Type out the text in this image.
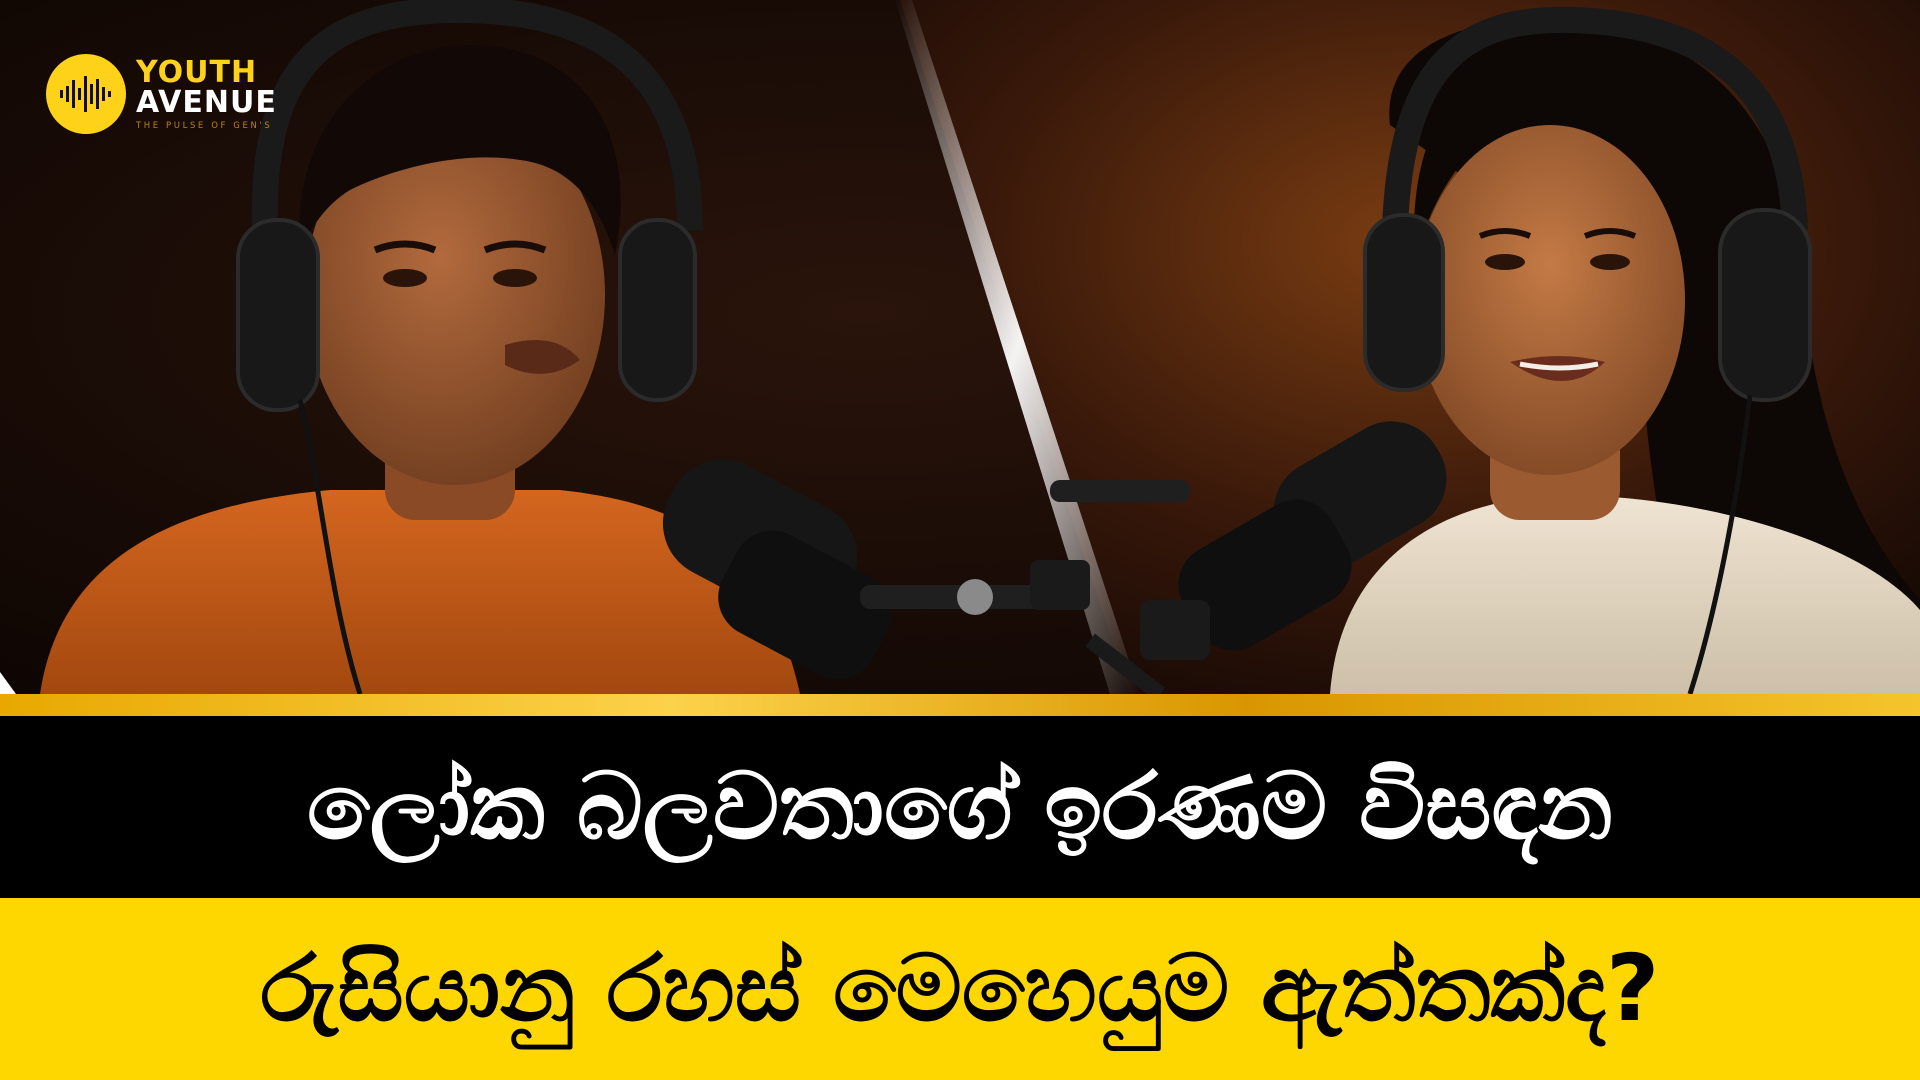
YOUTH
AVENUE
THE PULSE OF GEN'S
ලෝක බලවතාගේ ඉරණම විසඳන
රුසියානු රහස් මෙහෙයුම ඇත්තක්ද?
